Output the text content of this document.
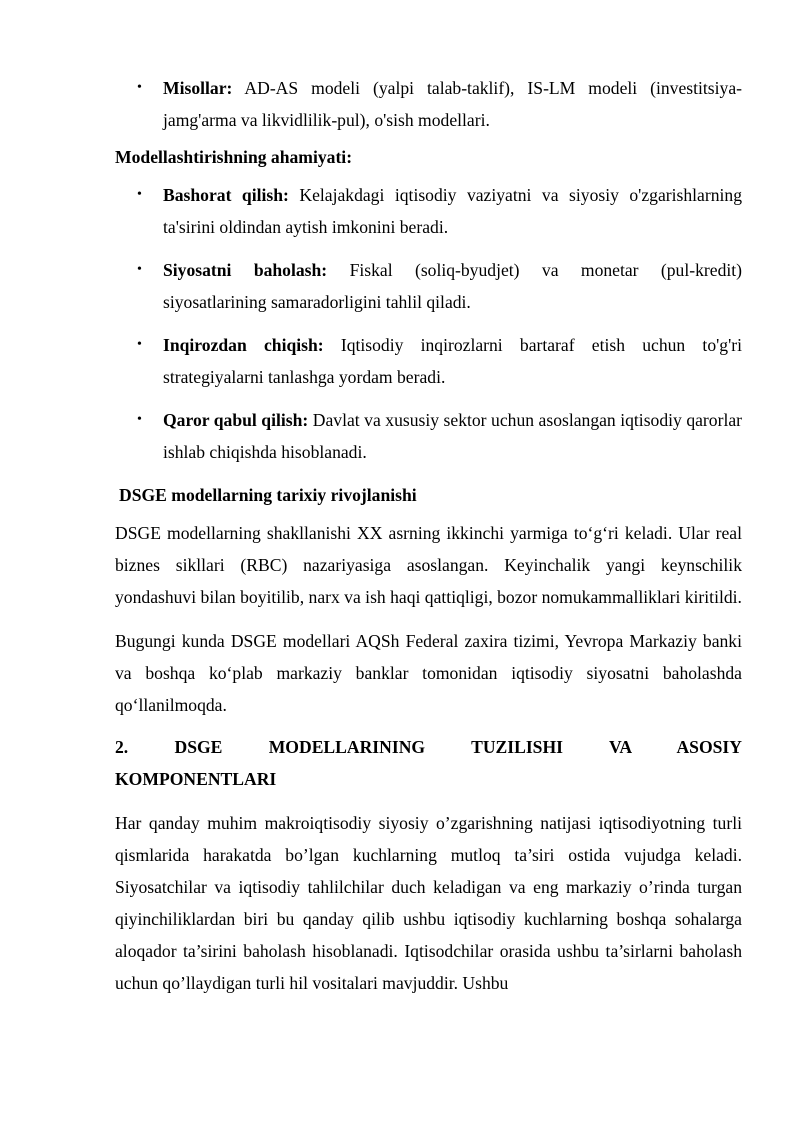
• Misollar: AD-AS modeli (yalpi talab-taklif), IS-LM modeli (investitsiya-jamg'arma va likvidlilik-pul), o'sish modellari.

Modellashtirishning ahamiyati:

• Bashorat qilish: Kelajakdagi iqtisodiy vaziyatni va siyosiy o'zgarishlarning ta'sirini oldindan aytish imkonini beradi.
• Siyosatni baholash: Fiskal (soliq-byudjet) va monetar (pul-kredit) siyosatlarining samaradorligini tahlil qiladi.
• Inqirozdan chiqish: Iqtisodiy inqirozlarni bartaraf etish uchun to'g'ri strategiyalarni tanlashga yordam beradi.
• Qaror qabul qilish: Davlat va xususiy sektor uchun asoslangan iqtisodiy qarorlar ishlab chiqishda hisoblanadi.

DSGE modellarning tarixiy rivojlanishi

DSGE modellarning shakllanishi XX asrning ikkinchi yarmiga to‘g‘ri keladi. Ular real biznes sikllari (RBC) nazariyasiga asoslangan. Keyinchalik yangi keynschilik yondashuvi bilan boyitilib, narx va ish haqi qattiqligi, bozor nomukammalliklari kiritildi.

Bugungi kunda DSGE modellari AQSh Federal zaxira tizimi, Yevropa Markaziy banki va boshqa ko‘plab markaziy banklar tomonidan iqtisodiy siyosatni baholashda qo‘llanilmoqda.

2.      DSGE      MODELLARINING      TUZILISHI      VA      ASOSIY

KOMPONENTLARI

Har qanday muhim makroiqtisodiy siyosiy o’zgarishning natijasi iqtisodiyotning turli qismlarida harakatda bo’lgan kuchlarning mutloq ta’siri ostida vujudga keladi. Siyosatchilar va iqtisodiy tahlilchilar duch keladigan va eng markaziy o’rinda turgan qiyinchiliklardan biri bu qanday qilib ushbu iqtisodiy kuchlarning boshqa sohalarga aloqador ta’sirini baholash hisoblanadi. Iqtisodchilar orasida ushbu ta’sirlarni baholash uchun qo’llaydigan turli hil vositalari mavjuddir. Ushbu
